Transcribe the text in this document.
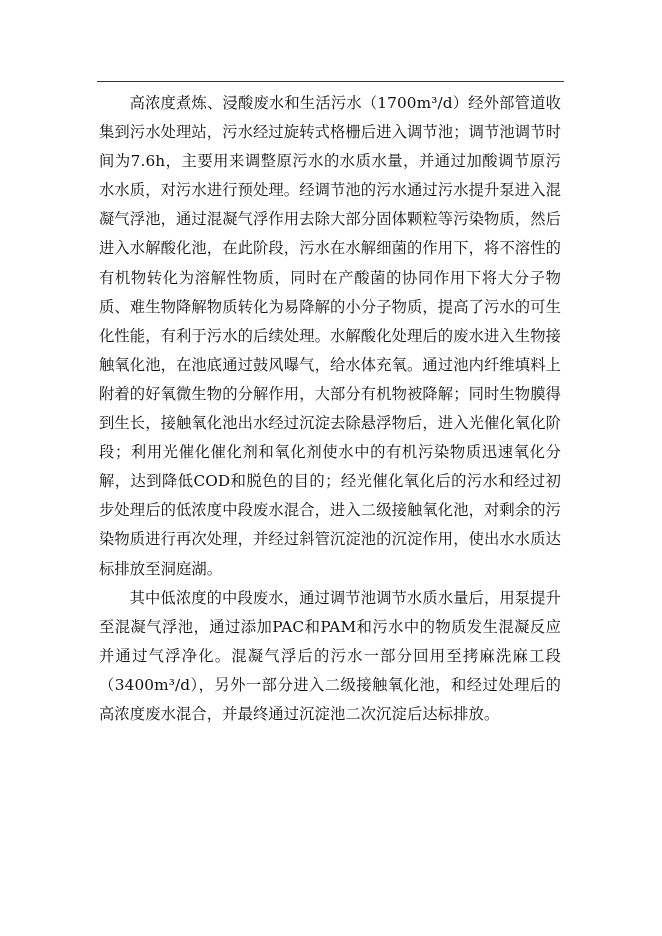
高浓度煮炼、浸酸废水和生活污水（1700m³/d）经外部管道收集到污水处理站，污水经过旋转式格栅后进入调节池；调节池调节时间为7.6h，主要用来调整原污水的水质水量，并通过加酸调节原污水水质，对污水进行预处理。经调节池的污水通过污水提升泵进入混凝气浮池，通过混凝气浮作用去除大部分固体颗粒等污染物质，然后进入水解酸化池，在此阶段，污水在水解细菌的作用下，将不溶性的有机物转化为溶解性物质，同时在产酸菌的协同作用下将大分子物质、难生物降解物质转化为易降解的小分子物质，提高了污水的可生化性能，有利于污水的后续处理。水解酸化处理后的废水进入生物接触氧化池，在池底通过鼓风曝气，给水体充氧。通过池内纤维填料上附着的好氧微生物的分解作用，大部分有机物被降解；同时生物膜得到生长，接触氧化池出水经过沉淀去除悬浮物后，进入光催化氧化阶段；利用光催化催化剂和氧化剂使水中的有机污染物质迅速氧化分解，达到降低COD和脱色的目的；经光催化氧化后的污水和经过初步处理后的低浓度中段废水混合，进入二级接触氧化池，对剩余的污染物质进行再次处理，并经过斜管沉淀池的沉淀作用，使出水水质达标排放至洞庭湖。

其中低浓度的中段废水，通过调节池调节水质水量后，用泵提升至混凝气浮池，通过添加PAC和PAM和污水中的物质发生混凝反应并通过气浮净化。混凝气浮后的污水一部分回用至拷麻洗麻工段（3400m³/d），另外一部分进入二级接触氧化池，和经过处理后的高浓度废水混合，并最终通过沉淀池二次沉淀后达标排放。
